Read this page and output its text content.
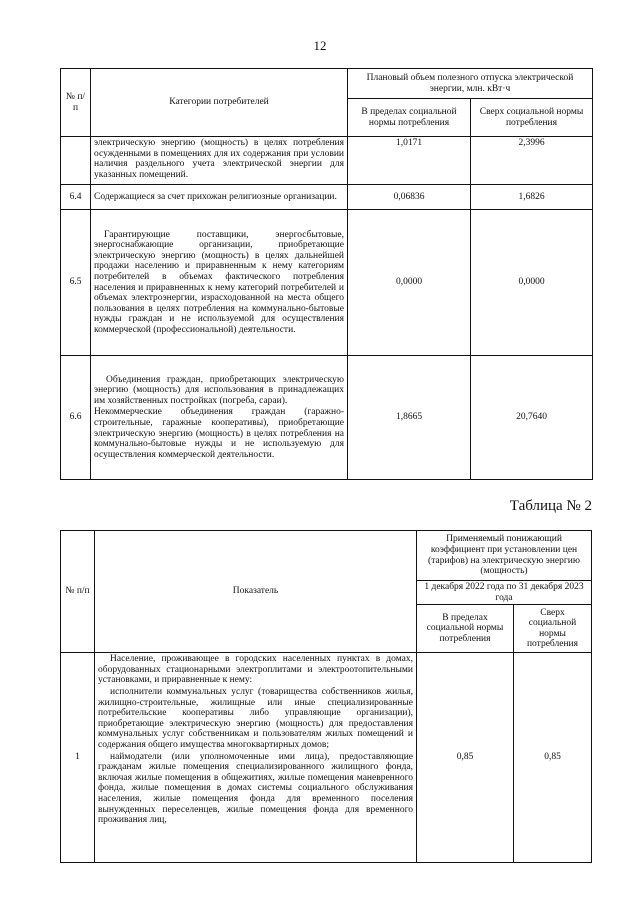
12
№ п/п	Категории потребителей	Плановый объем полезного отпуска электрической энергии, млн. кВт·ч	
		В пределах социальной нормы потребления	Сверх социальной нормы потребления
	электрическую энергию (мощность) в целях потребления осужденными в помещениях для их содержания при условии наличия раздельного учета электрической энергии для указанных помещений.	1,0171	2,3996
6.4	Содержащиеся за счет прихожан религиозные организации.	0,06836	1,6826
6.5	Гарантирующие поставщики, энергосбытовые, энергоснабжающие организации, приобретающие электрическую энергию (мощность) в целях дальнейшей продажи населению и приравненным к нему категориям потребителей в объемах фактического потребления населения и приравненных к нему категорий потребителей и объемах электроэнергии, израсходованной на места общего пользования в целях потребления на коммунально-бытовые нужды граждан и не используемой для осуществления коммерческой (профессиональной) деятельности.	0,0000	0,0000
6.6	Объединения граждан, приобретающих электрическую энергию (мощность) для использования в принадлежащих им хозяйственных постройках (погреба, сараи).

Некоммерческие объединения граждан (гаражно-строительные, гаражные кооперативы), приобретающие электрическую энергию (мощность) в целях потребления на коммунально-бытовые нужды и не используемую для осуществления коммерческой деятельности.	1,8665	20,7640
Таблица № 2
№ п/п	Показатель	Применяемый понижающий коэффициент при установлении цен (тарифов) на электрическую энергию (мощность)	
		1 декабря 2022 года по 31 декабря 2023 года	
		В пределах социальной нормы потребления	Сверх социальной нормы потребления
1	Население, проживающее в городских населенных пунктах в домах, оборудованных стационарными электроплитами и электроотопительными установками, и приравненные к нему:

исполнители коммунальных услуг (товарищества собственников жилья, жилищно-строительные, жилищные или иные специализированные потребительские кооперативы либо управляющие организации), приобретающие электрическую энергию (мощность) для предоставления коммунальных услуг собственникам и пользователям жилых помещений и содержания общего имущества многоквартирных домов;

наймодатели (или уполномоченные ими лица), предоставляющие гражданам жилые помещения специализированного жилищного фонда, включая жилые помещения в общежитиях, жилые помещения маневренного фонда, жилые помещения в домах системы социального обслуживания населения, жилые помещения фонда для временного поселения вынужденных переселенцев, жилые помещения фонда для временного проживания лиц,	0,85	0,85
